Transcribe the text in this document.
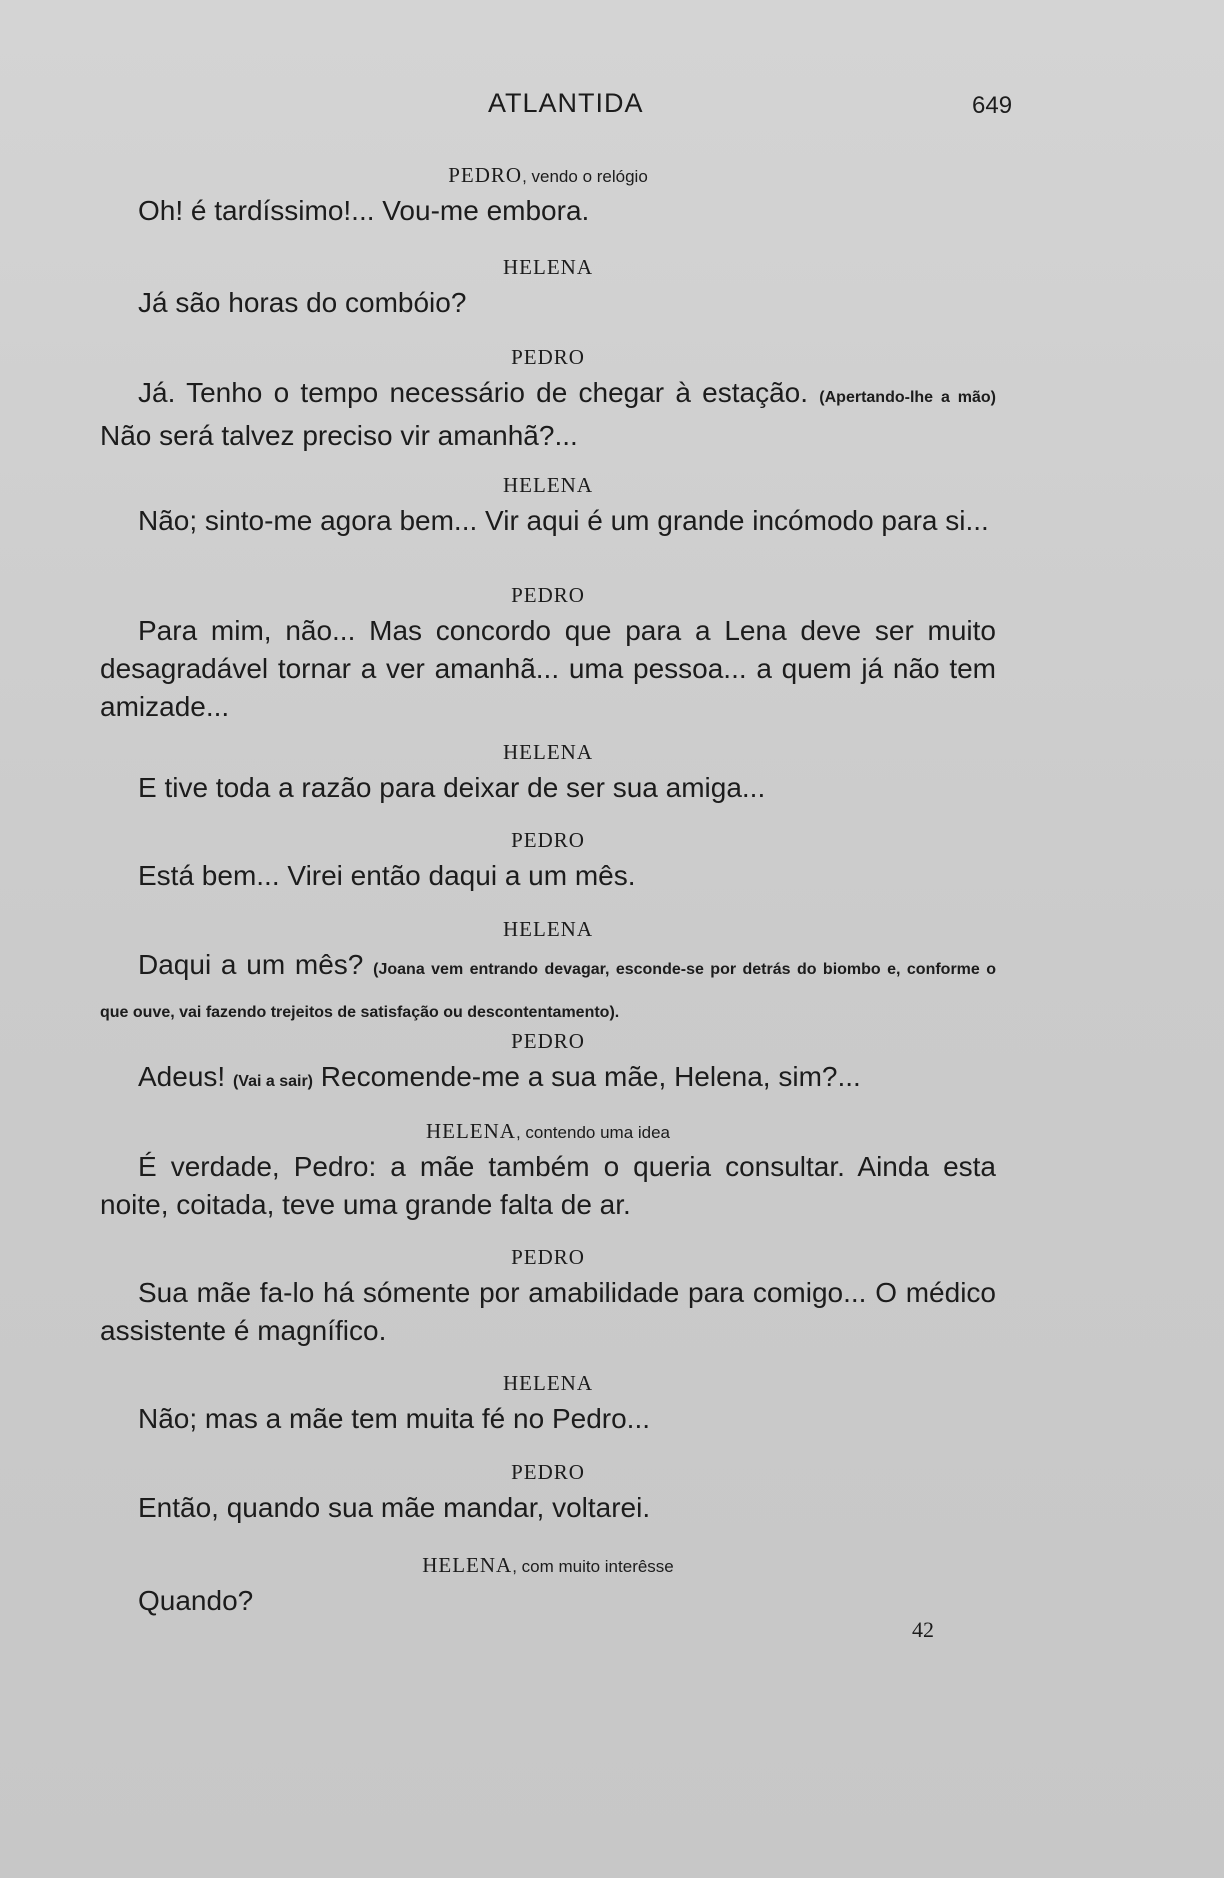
ATLANTIDA	649
PEDRO, vendo o relógio
Oh! é tardíssimo!... Vou-me embora.
HELENA
Já são horas do combóio?
PEDRO
Já. Tenho o tempo necessário de chegar à estação. (Apertando-lhe a mão) Não será talvez preciso vir amanhã?...
HELENA
Não; sinto-me agora bem... Vir aqui é um grande incómodo para si...
PEDRO
Para mim, não... Mas concordo que para a Lena deve ser muito desagradável tornar a ver amanhã... uma pessoa... a quem já não tem amizade...
HELENA
E tive toda a razão para deixar de ser sua amiga...
PEDRO
Está bem... Virei então daqui a um mês.
HELENA
Daqui a um mês? (Joana vem entrando devagar, esconde-se por detrás do biombo e, conforme o que ouve, vai fazendo trejeitos de satisfação ou descontentamento).
PEDRO
Adeus! (Vai a sair) Recomende-me a sua mãe, Helena, sim?...
HELENA, contendo uma idea
É verdade, Pedro: a mãe também o queria consultar. Ainda esta noite, coitada, teve uma grande falta de ar.
PEDRO
Sua mãe fa-lo há sómente por amabilidade para comigo... O médico assistente é magnífico.
HELENA
Não; mas a mãe tem muita fé no Pedro...
PEDRO
Então, quando sua mãe mandar, voltarei.
HELENA, com muito interêsse
Quando?
42
